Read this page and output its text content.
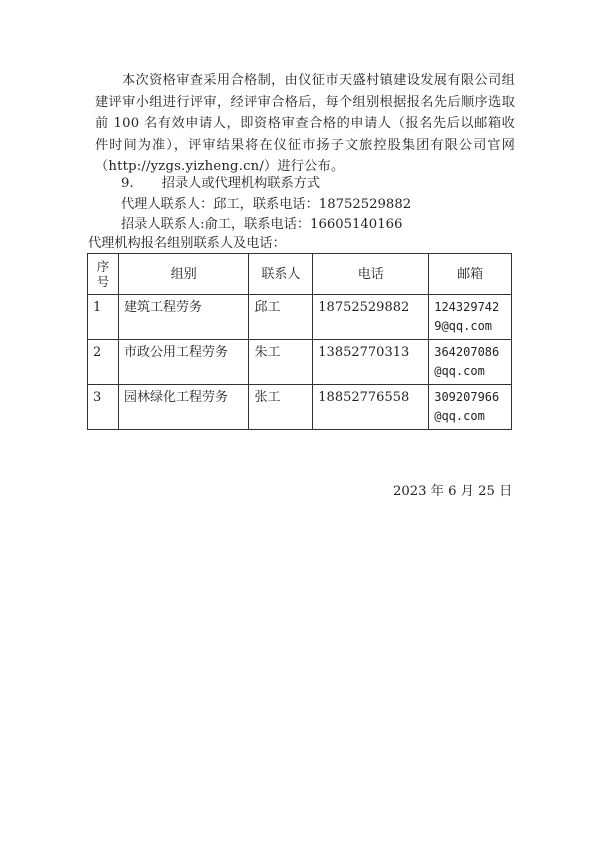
本次资格审查采用合格制，由仪征市天盛村镇建设发展有限公司组建评审小组进行评审，经评审合格后，每个组别根据报名先后顺序选取前 100 名有效申请人，即资格审查合格的申请人（报名先后以邮箱收件时间为准），评审结果将在仪征市扬子文旅控股集团有限公司官网（http://yzgs.yizheng.cn/）进行公布。
9. 招录人或代理机构联系方式
代理人联系人：邱工，联系电话：18752529882
招录人联系人:俞工，联系电话：16605140166
代理机构报名组别联系人及电话：
序号	组别	联系人	电话	邮箱
1	建筑工程劳务	邱工	18752529882	1243297429@qq.com
2	市政公用工程劳务	朱工	13852770313	364207086@qq.com
3	园林绿化工程劳务	张工	18852776558	309207966@qq.com
2023 年 6 月 25 日
